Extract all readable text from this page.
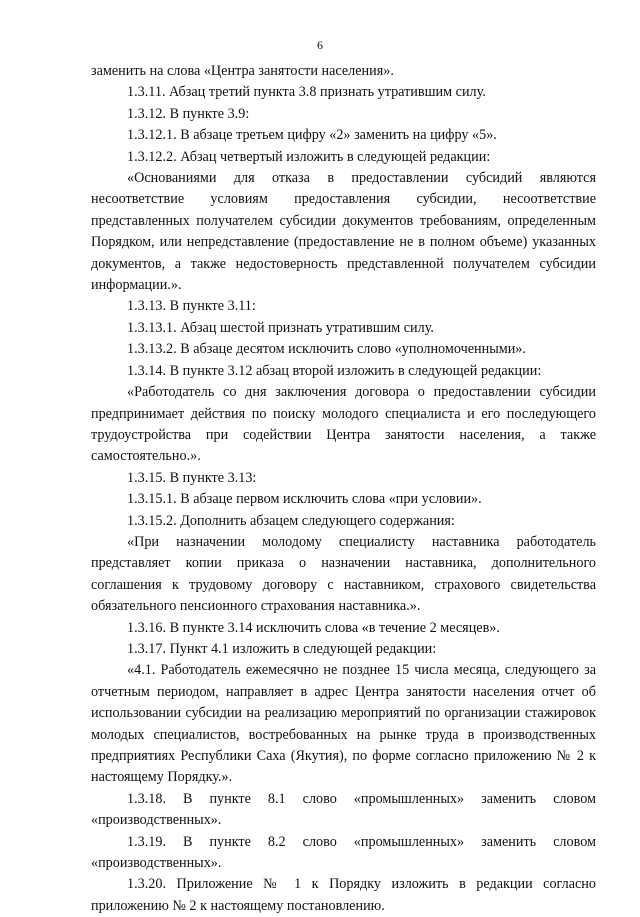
6

заменить на слова «Центра занятости населения».

1.3.11. Абзац третий пункта 3.8 признать утратившим силу.

1.3.12. В пункте 3.9:

1.3.12.1. В абзаце третьем цифру «2» заменить на цифру «5».

1.3.12.2. Абзац четвертый изложить в следующей редакции:

«Основаниями для отказа в предоставлении субсидий являются несоответствие условиям предоставления субсидии, несоответствие представленных получателем субсидии документов требованиям, определенным Порядком, или непредставление (предоставление не в полном объеме) указанных документов, а также недостоверность представленной получателем субсидии информации.».

1.3.13. В пункте 3.11:

1.3.13.1. Абзац шестой признать утратившим силу.

1.3.13.2. В абзаце десятом исключить слово «уполномоченными».

1.3.14. В пункте 3.12 абзац второй изложить в следующей редакции:

«Работодатель со дня заключения договора о предоставлении субсидии предпринимает действия по поиску молодого специалиста и его последующего трудоустройства при содействии Центра занятости населения, а также самостоятельно.».

1.3.15. В пункте 3.13:

1.3.15.1. В абзаце первом исключить слова «при условии».

1.3.15.2. Дополнить абзацем следующего содержания:

«При назначении молодому специалисту наставника работодатель представляет копии приказа о назначении наставника, дополнительного соглашения к трудовому договору с наставником, страхового свидетельства обязательного пенсионного страхования наставника.».

1.3.16. В пункте 3.14 исключить слова «в течение 2 месяцев».

1.3.17. Пункт 4.1 изложить в следующей редакции:

«4.1. Работодатель ежемесячно не позднее 15 числа месяца, следующего за отчетным периодом, направляет в адрес Центра занятости населения отчет об использовании субсидии на реализацию мероприятий по организации стажировок молодых специалистов, востребованных на рынке труда в производственных предприятиях Республики Саха (Якутия), по форме согласно приложению № 2 к настоящему Порядку.».

1.3.18. В пункте 8.1 слово «промышленных» заменить словом «производственных».

1.3.19. В пункте 8.2 слово «промышленных» заменить словом «производственных».

1.3.20. Приложение № 1 к Порядку изложить в редакции согласно приложению № 2 к настоящему постановлению.
